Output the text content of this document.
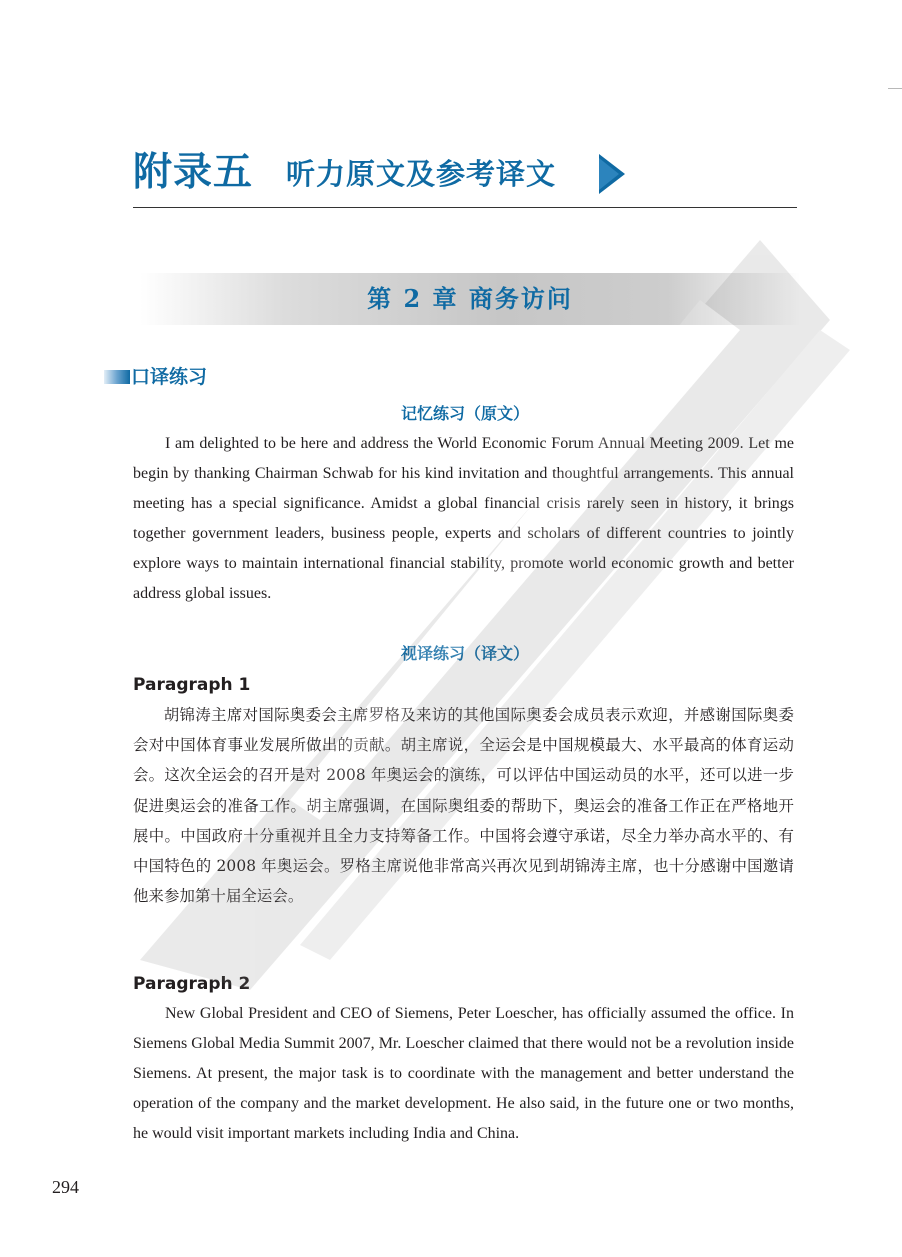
附录五 听力原文及参考译文
第 2 章 商务访问
口译练习
记忆练习（原文）

I am delighted to be here and address the World Economic Forum Annual Meeting 2009. Let me begin by thanking Chairman Schwab for his kind invitation and thoughtful arrangements. This annual meeting has a special significance. Amidst a global financial crisis rarely seen in history, it brings together government leaders, business people, experts and scholars of different countries to jointly explore ways to maintain international financial stability, promote world economic growth and better address global issues.

视译练习（译文）
Paragraph 1

胡锦涛主席对国际奥委会主席罗格及来访的其他国际奥委会成员表示欢迎，并感谢国际奥委会对中国体育事业发展所做出的贡献。胡主席说，全运会是中国规模最大、水平最高的体育运动会。这次全运会的召开是对 2008 年奥运会的演练，可以评估中国运动员的水平，还可以进一步促进奥运会的准备工作。胡主席强调，在国际奥组委的帮助下，奥运会的准备工作正在严格地开展中。中国政府十分重视并且全力支持筹备工作。中国将会遵守承诺，尽全力举办高水平的、有中国特色的 2008 年奥运会。罗格主席说他非常高兴再次见到胡锦涛主席，也十分感谢中国邀请他来参加第十届全运会。

Paragraph 2

New Global President and CEO of Siemens, Peter Loescher, has officially assumed the office. In Siemens Global Media Summit 2007, Mr. Loescher claimed that there would not be a revolution inside Siemens. At present, the major task is to coordinate with the management and better understand the operation of the company and the market development. He also said, in the future one or two months, he would visit important markets including India and China.

294
